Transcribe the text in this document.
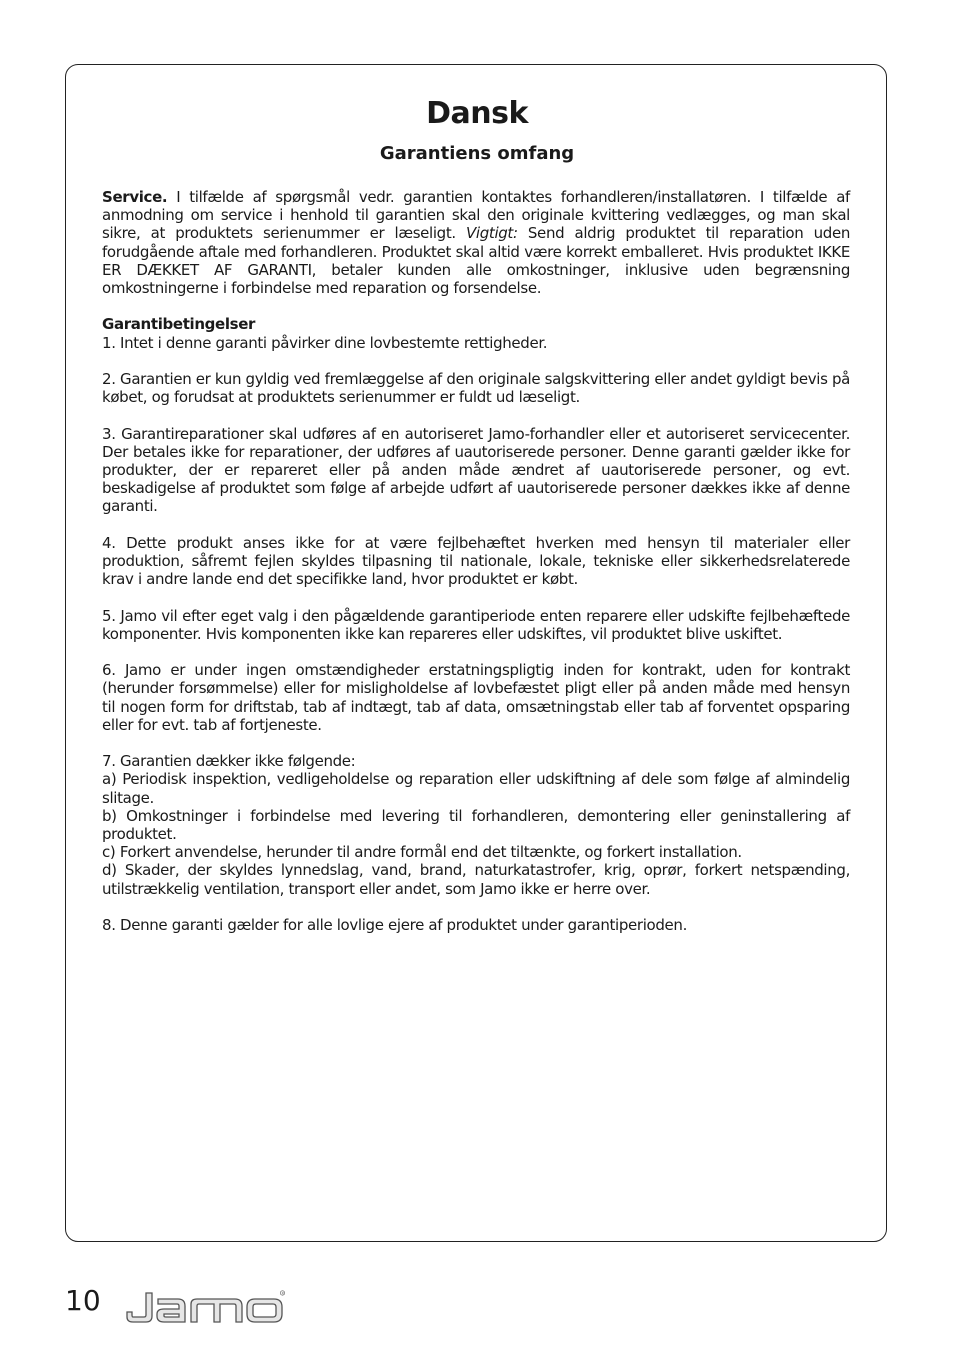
Dansk
Garantiens omfang

Service. I tilfælde af spørgsmål vedr. garantien kontaktes forhandleren/installatøren. I tilfælde af anmodning om service i henhold til garantien skal den originale kvittering vedlægges, og man skal sikre, at produktets serienummer er læseligt. Vigtigt: Send aldrig produktet til reparation uden forudgående aftale med forhandleren. Produktet skal altid være korrekt emballeret. Hvis produktet IKKE ER DÆKKET AF GARANTI, betaler kunden alle omkostninger, inklusive uden begrænsning omkostningerne i forbindelse med reparation og forsendelse.

Garantibetingelser
1. Intet i denne garanti påvirker dine lovbestemte rettigheder.

2. Garantien er kun gyldig ved fremlæggelse af den originale salgskvittering eller andet gyldigt bevis på købet, og forudsat at produktets serienummer er fuldt ud læseligt.

3. Garantireparationer skal udføres af en autoriseret Jamo-forhandler eller et autoriseret servicecenter. Der betales ikke for reparationer, der udføres af uautoriserede personer. Denne garanti gælder ikke for produkter, der er repareret eller på anden måde ændret af uautoriserede personer, og evt. beskadigelse af produktet som følge af arbejde udført af uautoriserede personer dækkes ikke af denne garanti.

4. Dette produkt anses ikke for at være fejlbehæftet hverken med hensyn til materialer eller produktion, såfremt fejlen skyldes tilpasning til nationale, lokale, tekniske eller sikkerhedsrelaterede krav i andre lande end det specifikke land, hvor produktet er købt.

5. Jamo vil efter eget valg i den pågældende garantiperiode enten reparere eller udskifte fejlbehæftede komponenter. Hvis komponenten ikke kan repareres eller udskiftes, vil produktet blive uskiftet.

6. Jamo er under ingen omstændigheder erstatningspligtig inden for kontrakt, uden for kontrakt (herunder forsømmelse) eller for misligholdelse af lovbefæstet pligt eller på anden måde med hensyn til nogen form for driftstab, tab af indtægt, tab af data, omsætningstab eller tab af forventet opsparing eller for evt. tab af fortjeneste.

7. Garantien dækker ikke følgende:
a) Periodisk inspektion, vedligeholdelse og reparation eller udskiftning af dele som følge af almindelig slitage.
b) Omkostninger i forbindelse med levering til forhandleren, demontering eller geninstallering af produktet.
c) Forkert anvendelse, herunder til andre formål end det tiltænkte, og forkert installation.
d) Skader, der skyldes lynnedslag, vand, brand, naturkatastrofer, krig, oprør, forkert netspænding, utilstrækkelig ventilation, transport eller andet, som Jamo ikke er herre over.

8. Denne garanti gælder for alle lovlige ejere af produktet under garantiperioden.

10	R
